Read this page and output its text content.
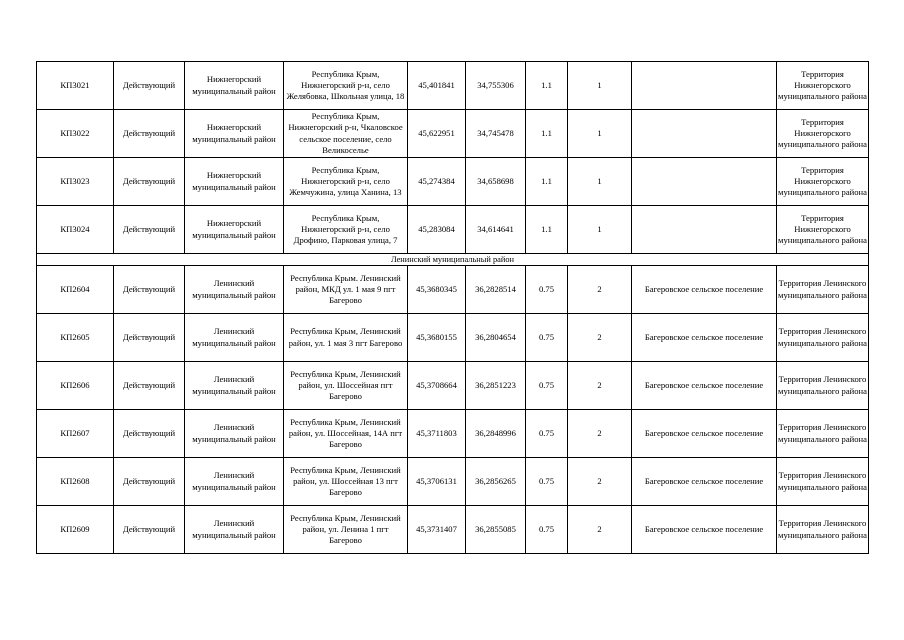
КП3021	Действующий	Нижнегорский муниципальный район	Республика Крым, Нижнегорский р-н, село Желябовка, Школьная улица, 18	45,401841	34,755306	1.1	1		Территория Нижнегорского муниципального района
КП3022	Действующий	Нижнегорский муниципальный район	Республика Крым, Нижнегорский р-н, Чкаловское сельское поселение, село Великоселье	45,622951	34,745478	1.1	1		Территория Нижнегорского муниципального района
КП3023	Действующий	Нижнегорский муниципальный район	Республика Крым, Нижнегорский р-н, село Жемчужина, улица Ханина, 13	45,274384	34,658698	1.1	1		Территория Нижнегорского муниципального района
КП3024	Действующий	Нижнегорский муниципальный район	Республика Крым, Нижнегорский р-н, село Дрофино, Парковая улица, 7	45,283084	34,614641	1.1	1		Территория Нижнегорского муниципального района
Ленинский муниципальный район									
КП2604	Действующий	Ленинский муниципальный район	Республика Крым. Ленинский район, МКД ул. 1 мая 9 пгт Багерово	45,3680345	36,2828514	0.75	2	Багеровское сельское поселение	Территория Ленинского муниципального района
КП2605	Действующий	Ленинский муниципальный район	Республика Крым, Ленинский район, ул. 1 мая 3 пгт Багерово	45,3680155	36,2804654	0.75	2	Багеровское сельское поселение	Территория Ленинского муниципального района
КП2606	Действующий	Ленинский муниципальный район	Республика Крым, Ленинский район, ул. Шоссейная пгт Багерово	45,3708664	36,2851223	0.75	2	Багеровское сельское поселение	Территория Ленинского муниципального района
КП2607	Действующий	Ленинский муниципальный район	Республика Крым, Ленинский район, ул. Шоссейная, 14А пгт Багерово	45,3711803	36,2848996	0.75	2	Багеровское сельское поселение	Территория Ленинского муниципального района
КП2608	Действующий	Ленинский муниципальный район	Республика Крым, Ленинский район, ул. Шоссейная 13 пгт Багерово	45,3706131	36,2856265	0.75	2	Багеровское сельское поселение	Территория Ленинского муниципального района
КП2609	Действующий	Ленинский муниципальный район	Республика Крым, Ленинский район, ул. Ленина 1 пгт Багерово	45,3731407	36,2855085	0.75	2	Багеровское сельское поселение	Территория Ленинского муниципального района
